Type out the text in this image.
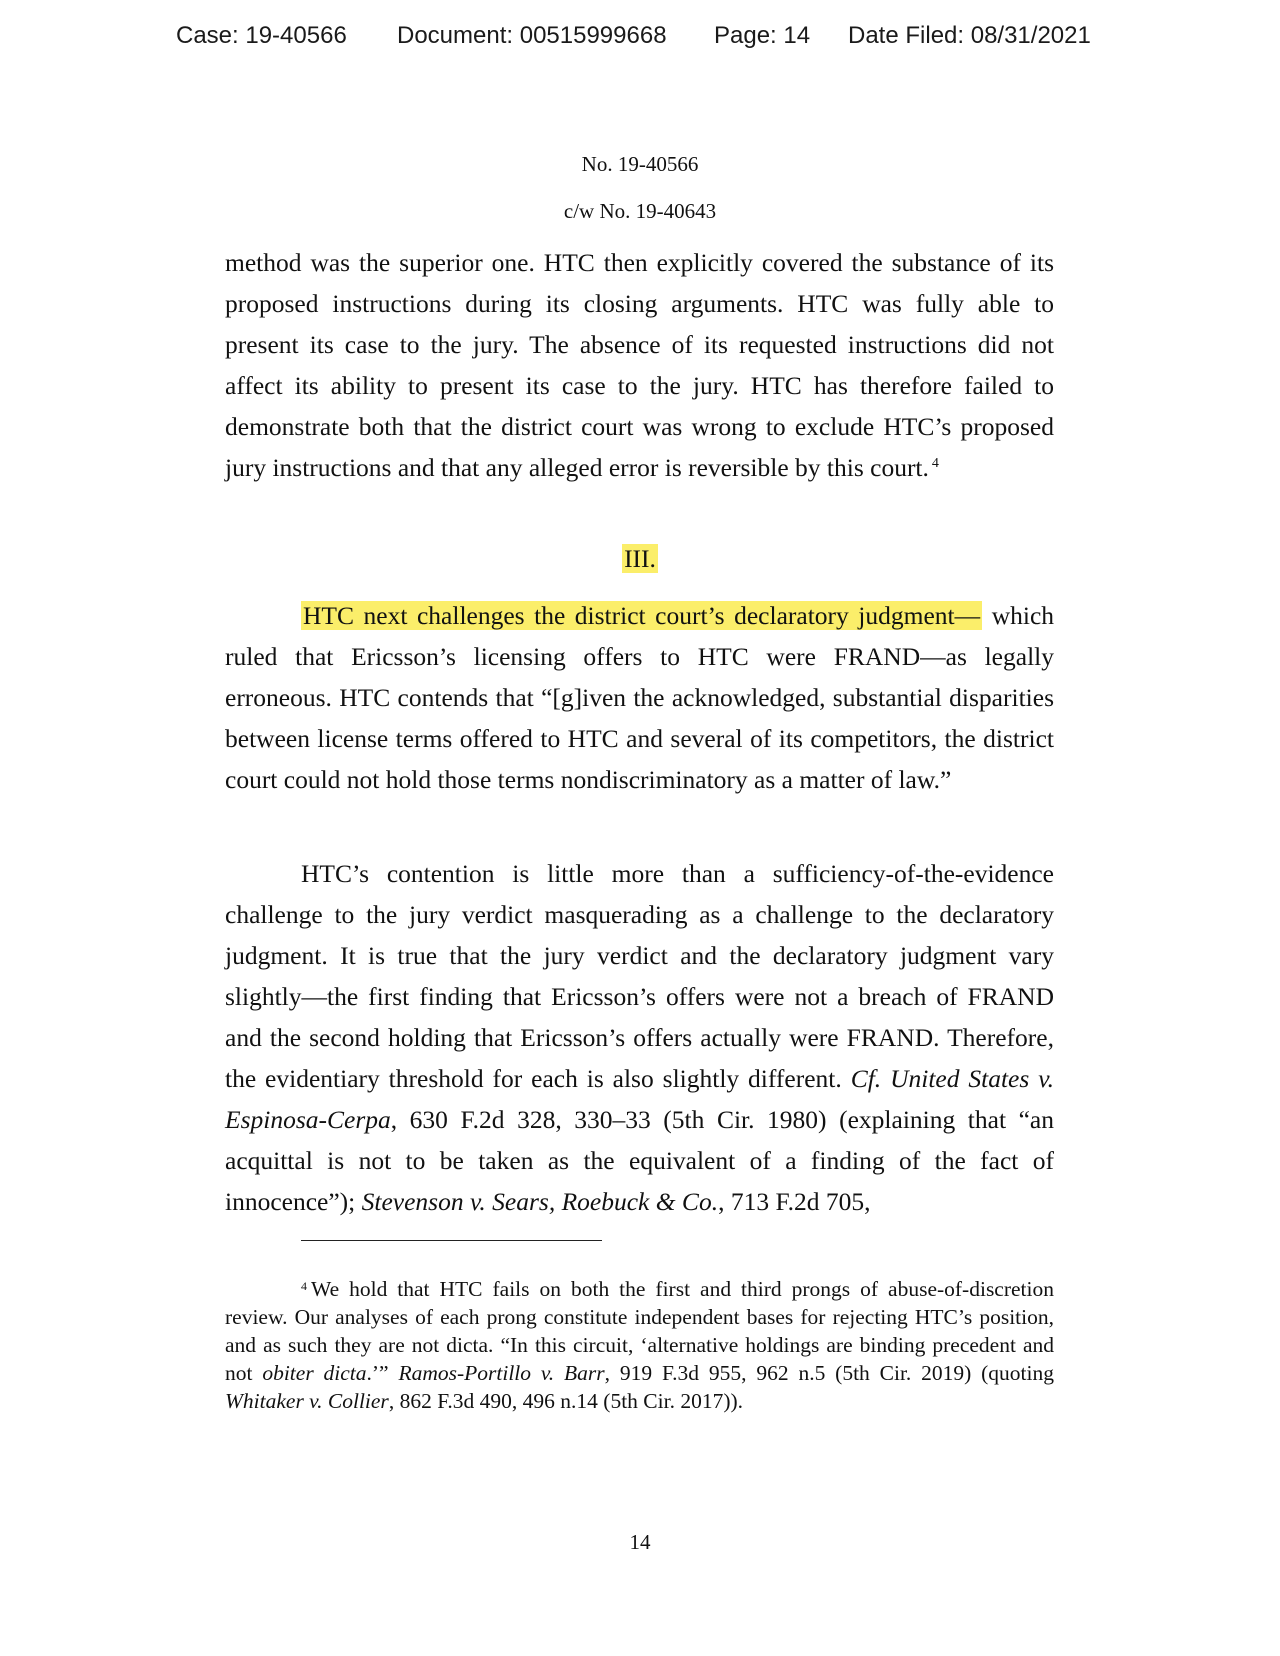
Case: 19-40566 Document: 00515999668 Page: 14 Date Filed: 08/31/2021
No. 19-40566
c/w No. 19-40643

method was the superior one. HTC then explicitly covered the substance of its proposed instructions during its closing arguments. HTC was fully able to present its case to the jury. The absence of its requested instructions did not affect its ability to present its case to the jury. HTC has therefore failed to demonstrate both that the district court was wrong to exclude HTC’s proposed jury instructions and that any alleged error is reversible by this court. $^4$

III.

HTC next challenges the district court’s declaratory judgment— which ruled that Ericsson’s licensing offers to HTC were FRAND—as legally erroneous. HTC contends that “[g]iven the acknowledged, substantial disparities between license terms offered to HTC and several of its competitors, the district court could not hold those terms nondiscriminatory as a matter of law.”

HTC’s contention is little more than a sufficiency-of-the-evidence challenge to the jury verdict masquerading as a challenge to the declaratory judgment. It is true that the jury verdict and the declaratory judgment vary slightly—the first finding that Ericsson’s offers were not a breach of FRAND and the second holding that Ericsson’s offers actually were FRAND. Therefore, the evidentiary threshold for each is also slightly different. Cf. United States v. Espinosa-Cerpa, 630 F.2d 328, 330–33 (5th Cir. 1980) (explaining that “an acquittal is not to be taken as the equivalent of a finding of the fact of innocence”); Stevenson v. Sears, Roebuck & Co., 713 F.2d 705,

$^4$ We hold that HTC fails on both the first and third prongs of abuse-of-discretion review. Our analyses of each prong constitute independent bases for rejecting HTC’s position, and as such they are not dicta. “In this circuit, ‘alternative holdings are binding precedent and not obiter dicta.’” Ramos-Portillo v. Barr, 919 F.3d 955, 962 n.5 (5th Cir. 2019) (quoting Whitaker v. Collier, 862 F.3d 490, 496 n.14 (5th Cir. 2017)).

14
